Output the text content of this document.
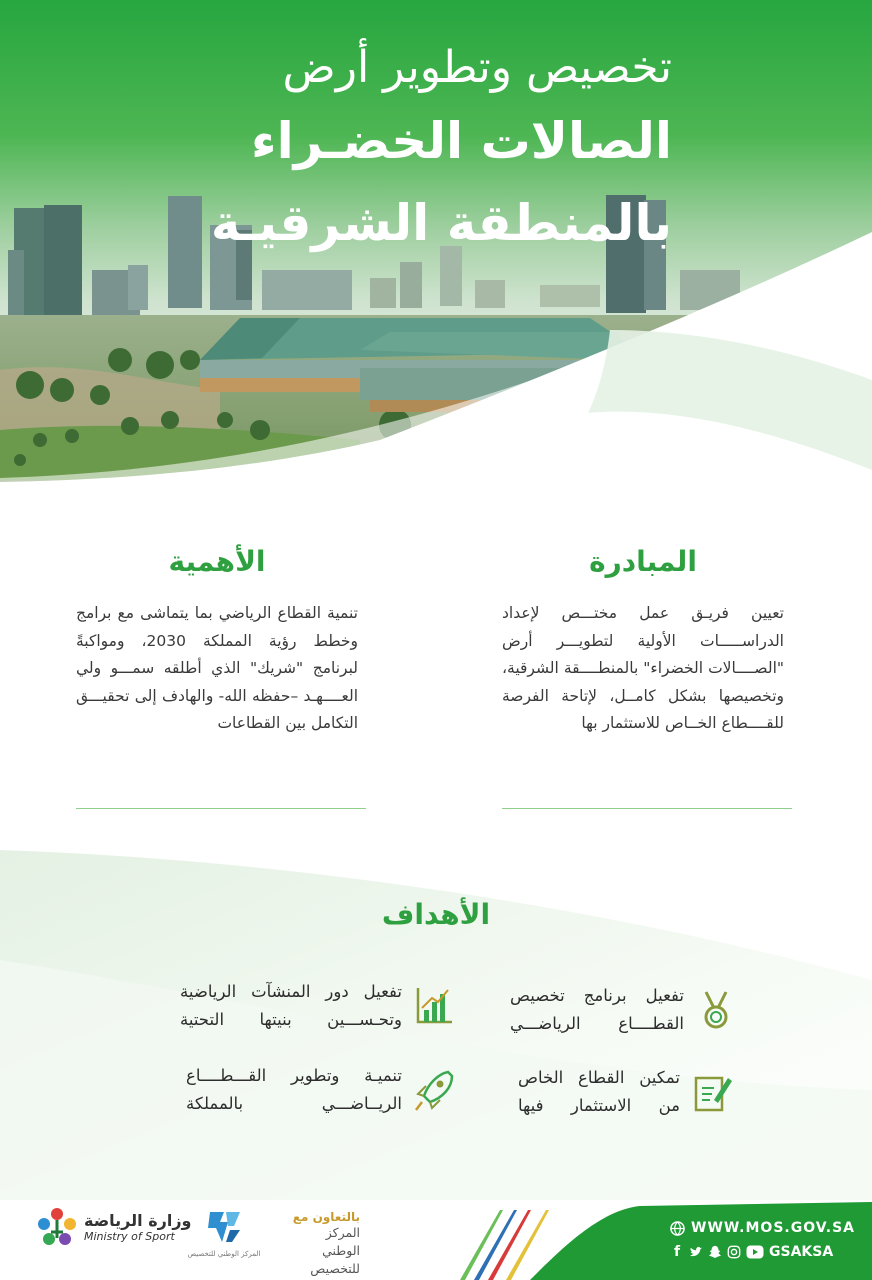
تخصيص وتطوير أرض
الصالات الخضـراء
بالمنطقة الشرقيـة
المبادرة
تعيين فريـق عمل مختـــص لإعداد الدراســـــات الأولية لتطويـــر أرض "الصــــالات الخضراء" بالمنطــــقة الشرقية، وتخصيصها بشكل كامــل، لإتاحة الفرصة للقــــطاع الخــاص للاستثمار بها
الأهمية
تنمية القطاع الرياضي بما يتماشى مع برامج وخطط رؤية المملكة 2030، ومواكبةً لبرنامج "شريك" الذي أطلقه سمـــو ولي العــــهـد –حفظه الله- والهادف إلى تحقيـــق التكامل بين القطاعات
الأهداف
تفعيل برنامج تخصيص القطــــاع الرياضـــي
تفعيل دور المنشآت الرياضية وتحـســـين بنيتها التحتية
تمكين القطاع الخاص من الاستثمار فيها
تنميـة وتطوير القـــطــــاع الريــاضـــي بالمملكة
WWW.MOS.GOV.SA
f	GSAKSA
بالتعاون مع
المركز الوطني
للتخصيص
المركز الوطني للتخصيص
وزارة الرياضة
Ministry of Sport
